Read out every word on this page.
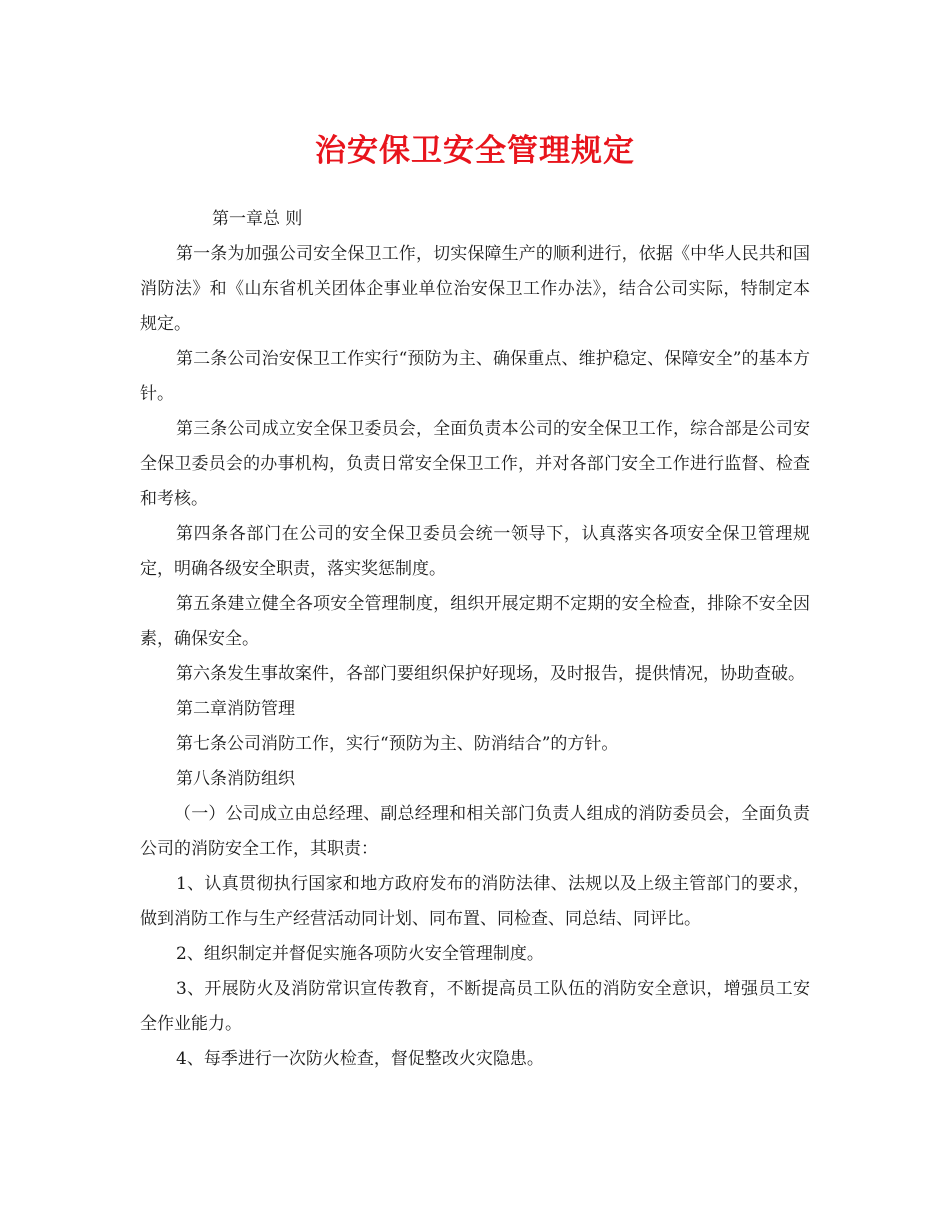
治安保卫安全管理规定

第一章总 则

第一条为加强公司安全保卫工作，切实保障生产的顺利进行，依据《中华人民共和国消防法》和《山东省机关团体企事业单位治安保卫工作办法》，结合公司实际，特制定本规定。

第二条公司治安保卫工作实行“预防为主、确保重点、维护稳定、保障安全”的基本方针。

第三条公司成立安全保卫委员会，全面负责本公司的安全保卫工作，综合部是公司安全保卫委员会的办事机构，负责日常安全保卫工作，并对各部门安全工作进行监督、检查和考核。

第四条各部门在公司的安全保卫委员会统一领导下，认真落实各项安全保卫管理规定，明确各级安全职责，落实奖惩制度。

第五条建立健全各项安全管理制度，组织开展定期不定期的安全检查，排除不安全因素，确保安全。

第六条发生事故案件，各部门要组织保护好现场，及时报告，提供情况，协助查破。

第二章消防管理

第七条公司消防工作，实行“预防为主、防消结合”的方针。

第八条消防组织

（一）公司成立由总经理、副总经理和相关部门负责人组成的消防委员会，全面负责公司的消防安全工作，其职责：

1、认真贯彻执行国家和地方政府发布的消防法律、法规以及上级主管部门的要求，做到消防工作与生产经营活动同计划、同布置、同检查、同总结、同评比。

2、组织制定并督促实施各项防火安全管理制度。

3、开展防火及消防常识宣传教育，不断提高员工队伍的消防安全意识，增强员工安全作业能力。

4、每季进行一次防火检查，督促整改火灾隐患。
